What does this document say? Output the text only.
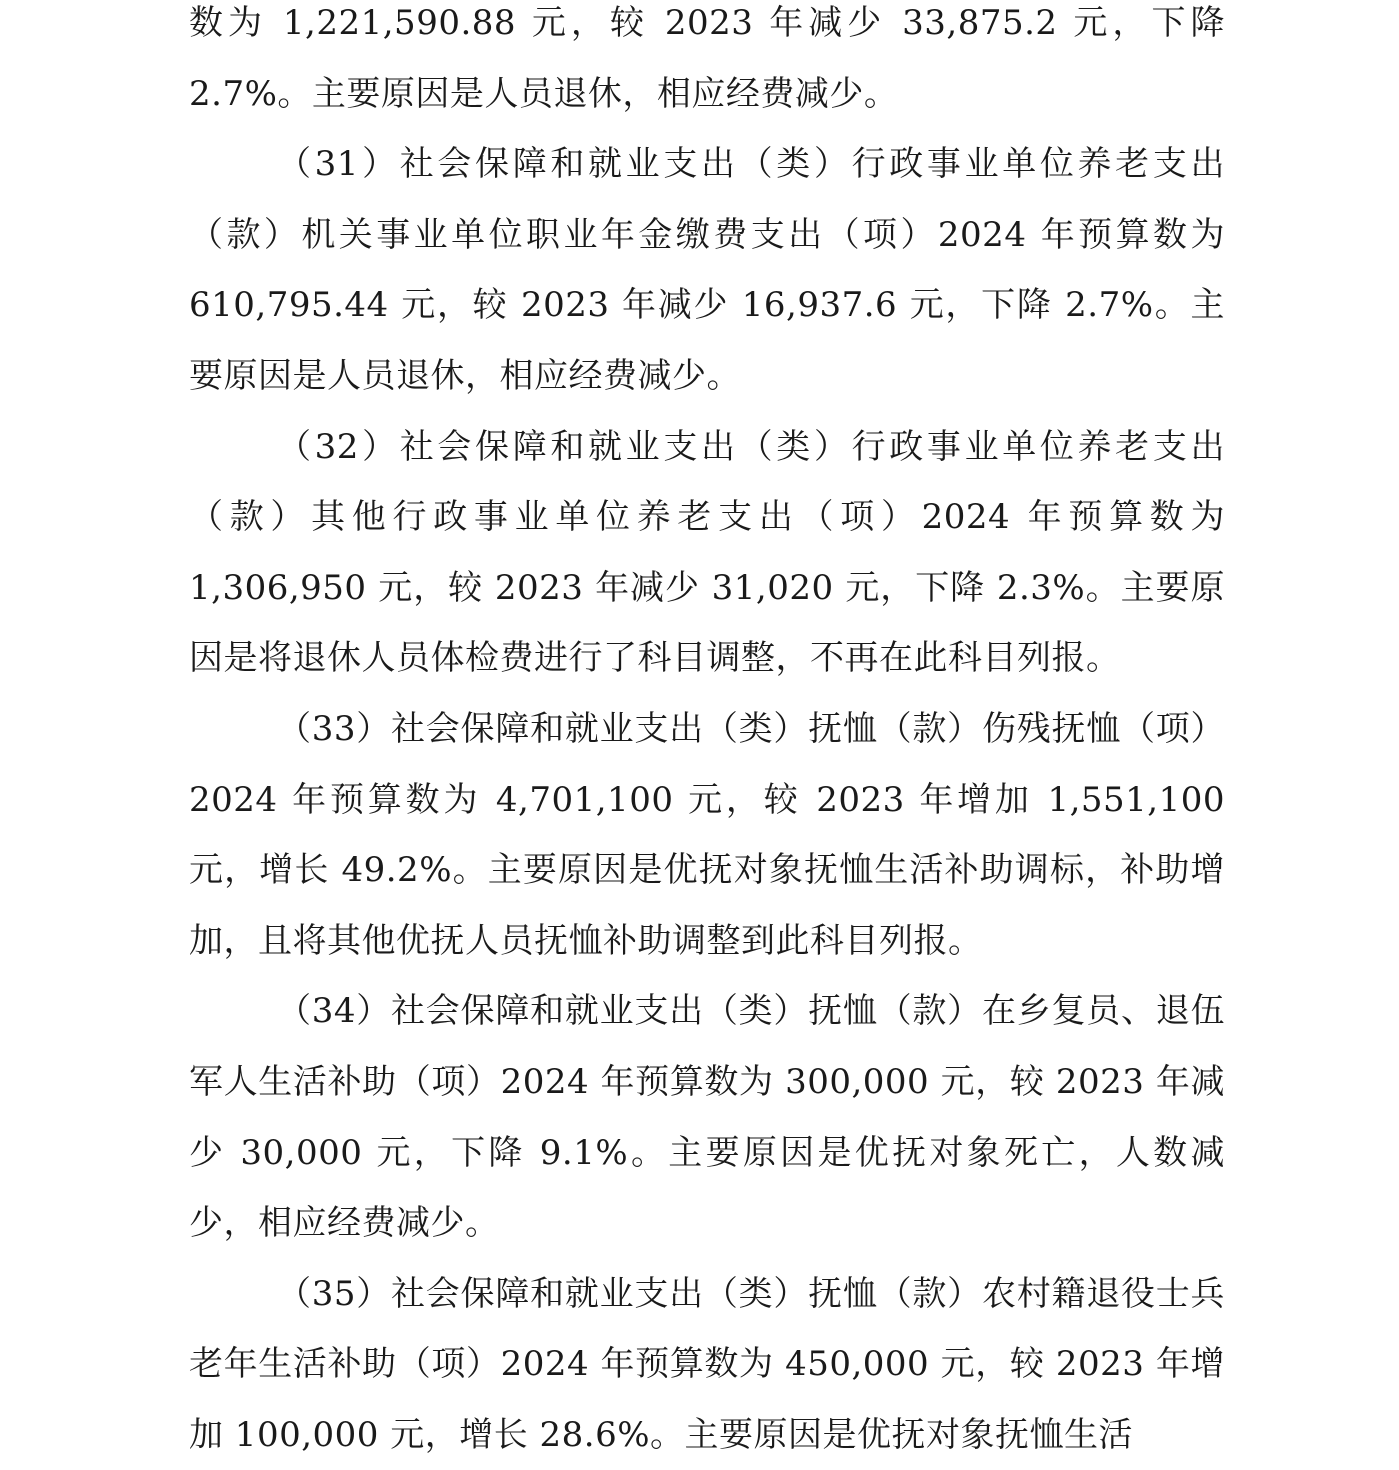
数为 1,221,590.88 元，较 2023 年减少 33,875.2 元，下降 2.7%。主要原因是人员退休，相应经费减少。

（31）社会保障和就业支出（类）行政事业单位养老支出（款）机关事业单位职业年金缴费支出（项）2024 年预算数为 610,795.44 元，较 2023 年减少 16,937.6 元，下降 2.7%。主要原因是人员退休，相应经费减少。

（32）社会保障和就业支出（类）行政事业单位养老支出（款）其他行政事业单位养老支出（项）2024 年预算数为 1,306,950 元，较 2023 年减少 31,020 元，下降 2.3%。主要原因是将退休人员体检费进行了科目调整，不再在此科目列报。

（33）社会保障和就业支出（类）抚恤（款）伤残抚恤（项）2024 年预算数为 4,701,100 元，较 2023 年增加 1,551,100 元，增长 49.2%。主要原因是优抚对象抚恤生活补助调标，补助增加，且将其他优抚人员抚恤补助调整到此科目列报。

（34）社会保障和就业支出（类）抚恤（款）在乡复员、退伍军人生活补助（项）2024 年预算数为 300,000 元，较 2023 年减少 30,000 元，下降 9.1%。主要原因是优抚对象死亡，人数减少，相应经费减少。

（35）社会保障和就业支出（类）抚恤（款）农村籍退役士兵老年生活补助（项）2024 年预算数为 450,000 元，较 2023 年增加 100,000 元，增长 28.6%。主要原因是优抚对象抚恤生活
